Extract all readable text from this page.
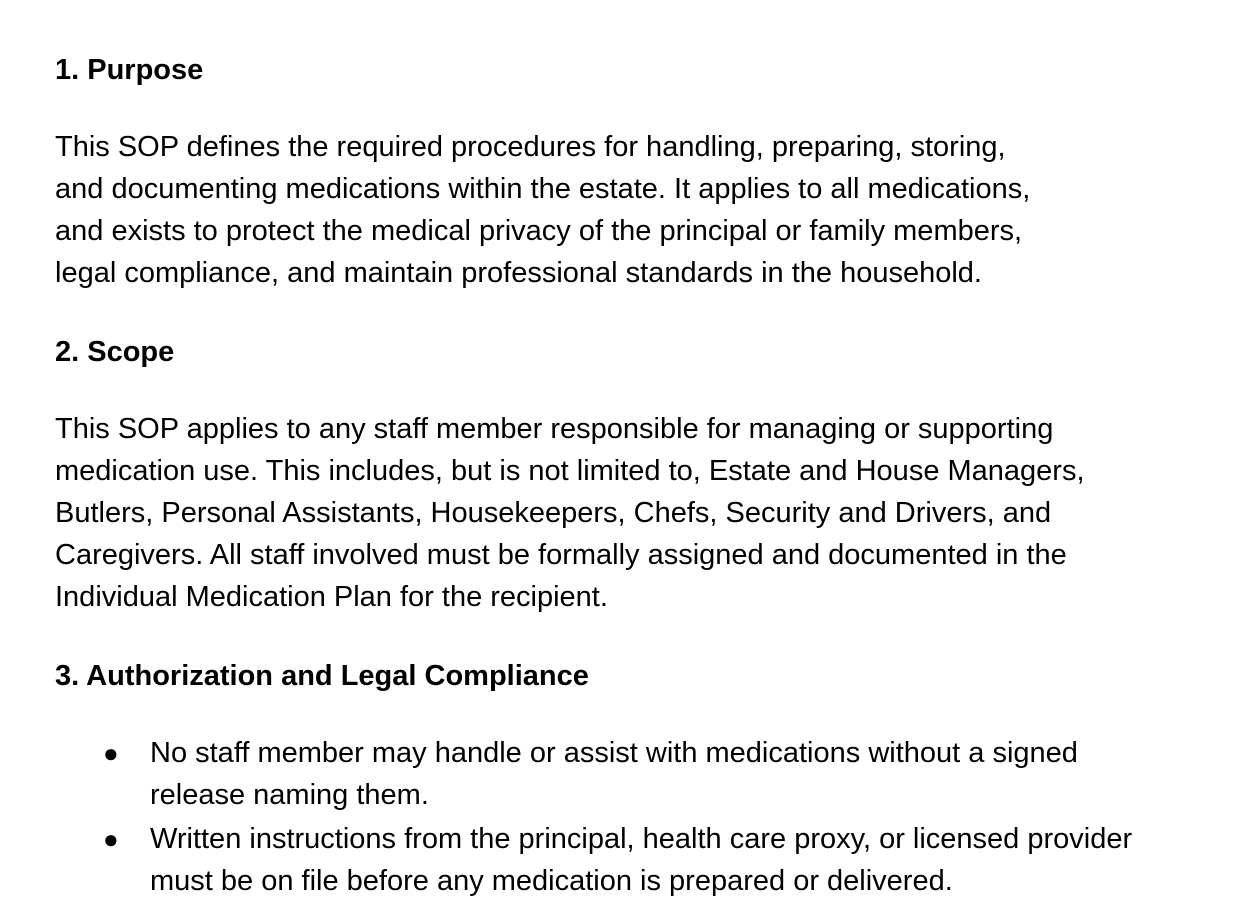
1. Purpose

This SOP defines the required procedures for handling, preparing, storing,
and documenting medications within the estate. It applies to all medications,
and exists to protect the medical privacy of the principal or family members,
legal compliance, and maintain professional standards in the household.

2. Scope

This SOP applies to any staff member responsible for managing or supporting
medication use. This includes, but is not limited to, Estate and House Managers,
Butlers, Personal Assistants, Housekeepers, Chefs, Security and Drivers, and
Caregivers. All staff involved must be formally assigned and documented in the
Individual Medication Plan for the recipient.

3. Authorization and Legal Compliance
● No staff member may handle or assist with medications without a signed
release naming them.
● Written instructions from the principal, health care proxy, or licensed provider
must be on file before any medication is prepared or delivered.
